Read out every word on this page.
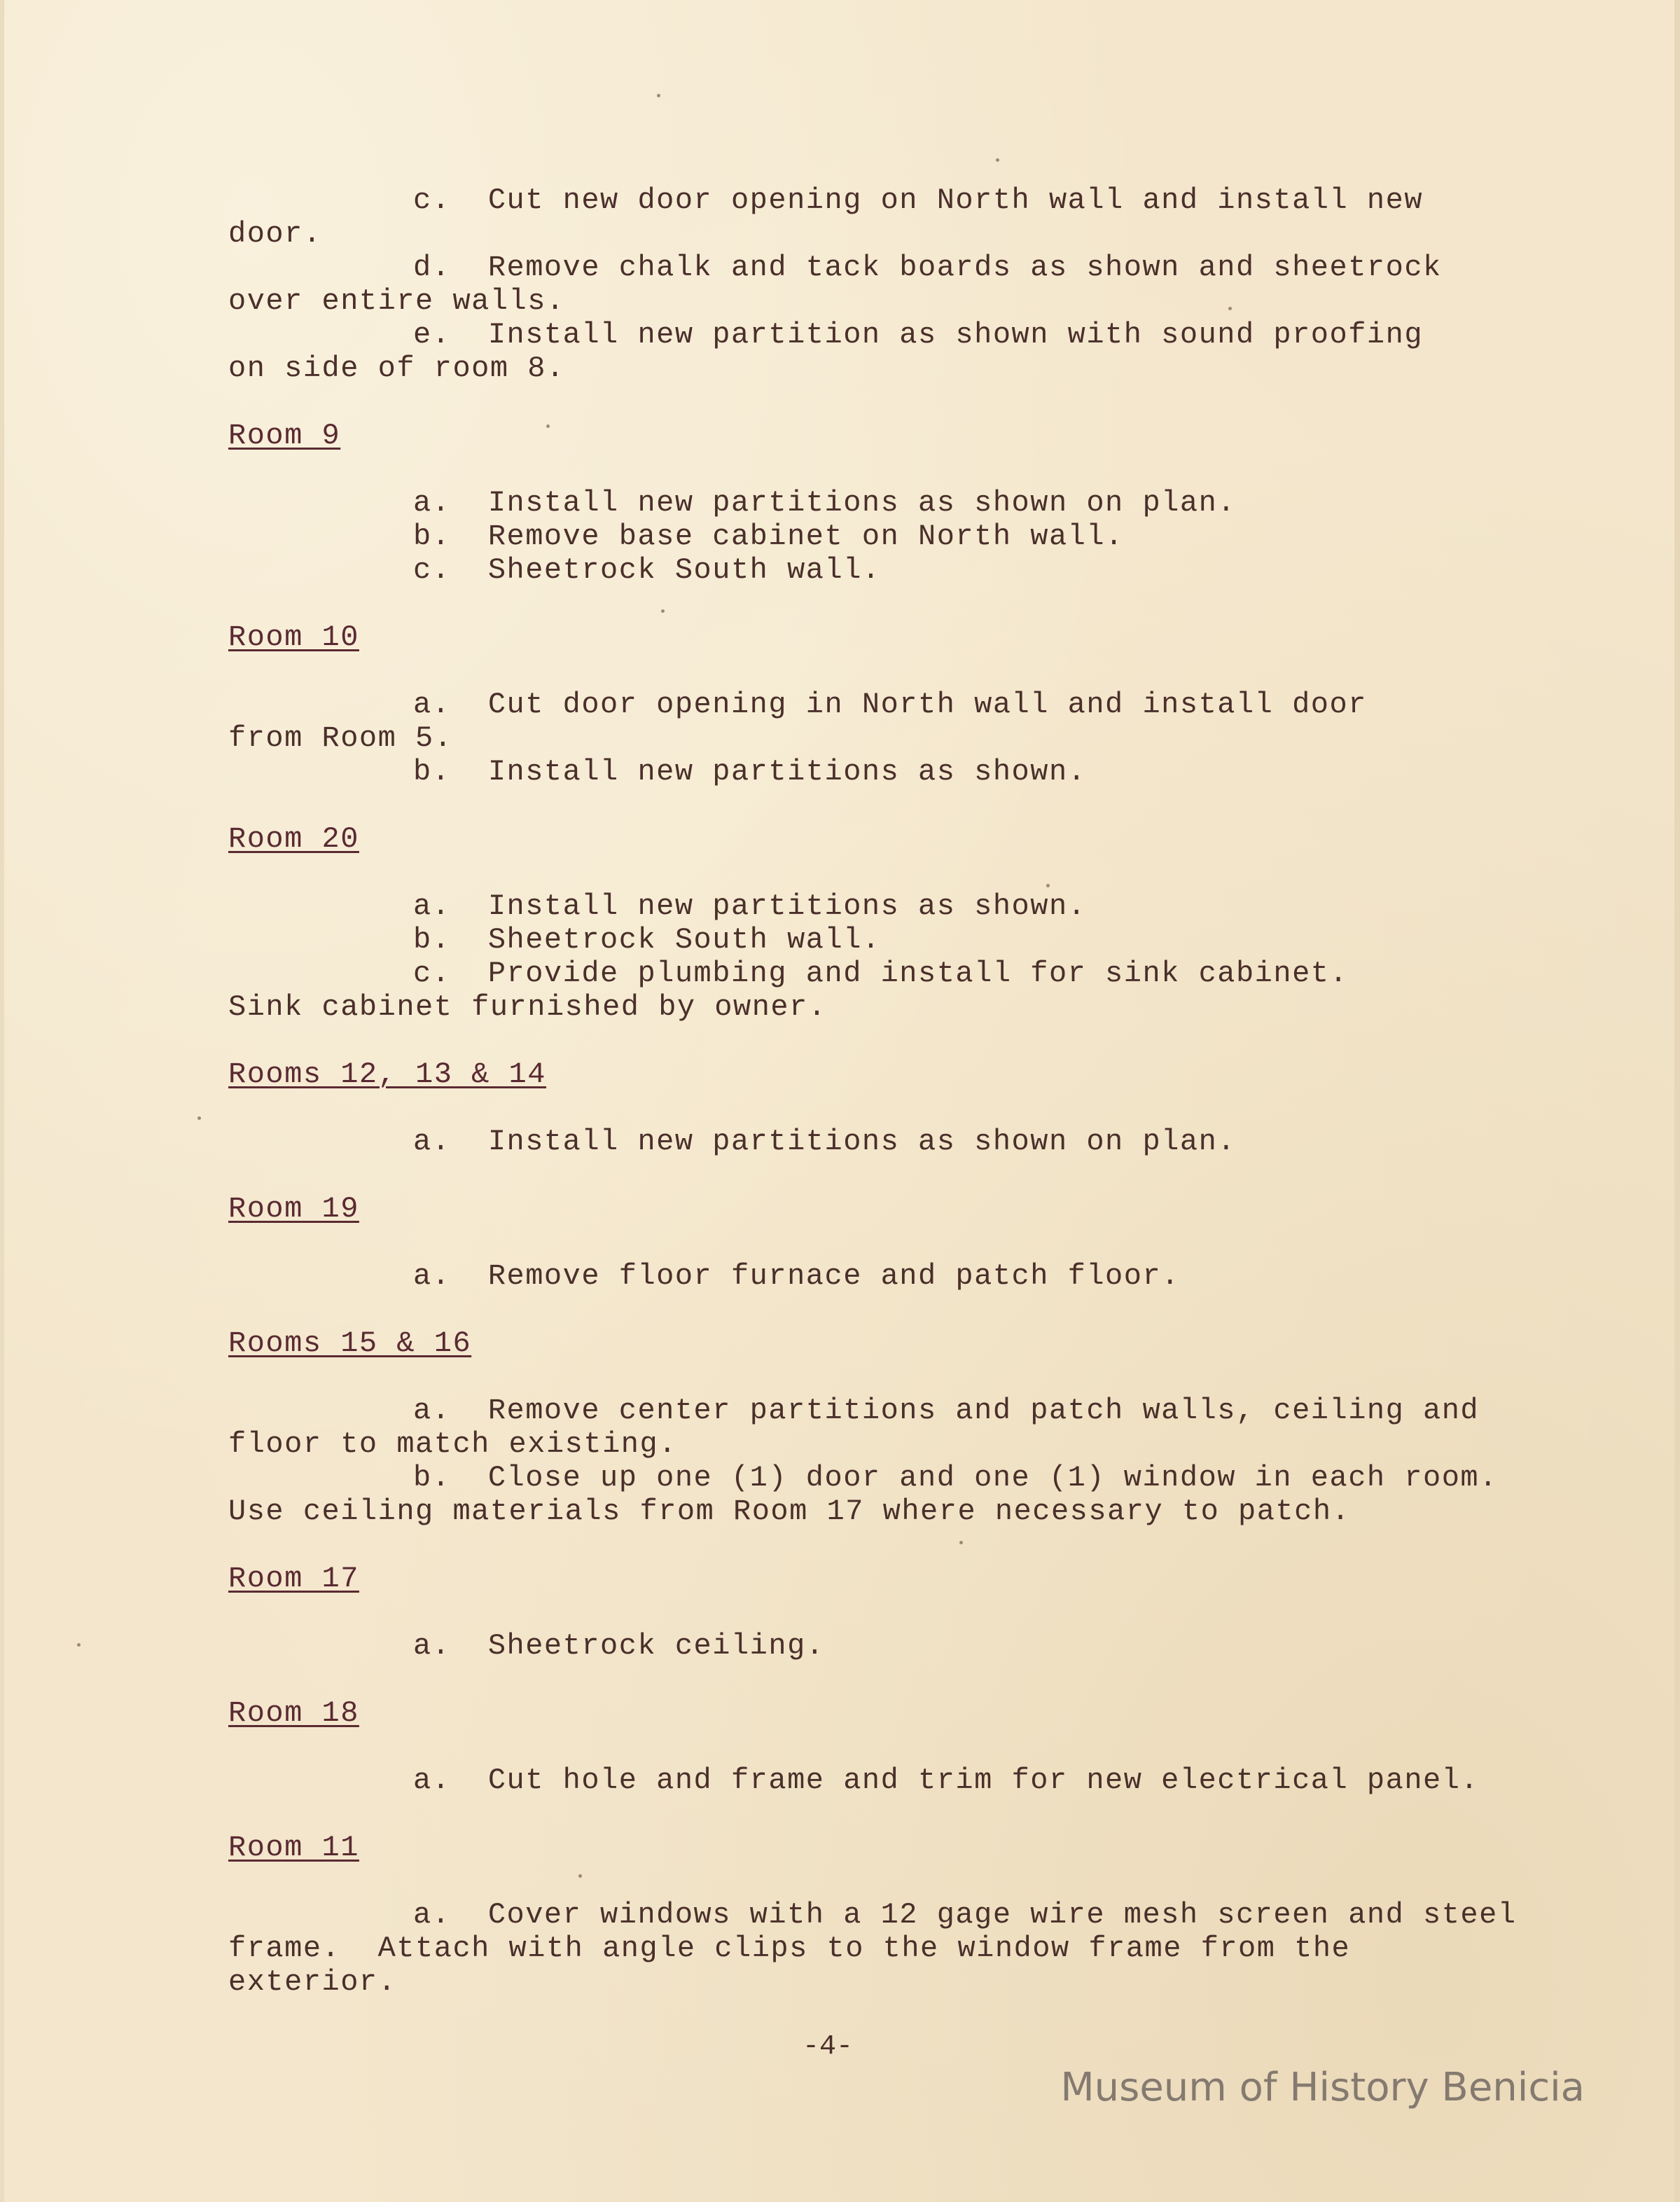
c.  Cut new door opening on North wall and install new
door.
d.  Remove chalk and tack boards as shown and sheetrock
over entire walls.
e.  Install new partition as shown with sound proofing
on side of room 8.
Room 9
a.  Install new partitions as shown on plan.
b.  Remove base cabinet on North wall.
c.  Sheetrock South wall.
Room 10
a.  Cut door opening in North wall and install door
from Room 5.
b.  Install new partitions as shown.
Room 20
a.  Install new partitions as shown.
b.  Sheetrock South wall.
c.  Provide plumbing and install for sink cabinet.
Sink cabinet furnished by owner.
Rooms 12, 13 & 14
a.  Install new partitions as shown on plan.
Room 19
a.  Remove floor furnace and patch floor.
Rooms 15 & 16
a.  Remove center partitions and patch walls, ceiling and
floor to match existing.
b.  Close up one (1) door and one (1) window in each room.
Use ceiling materials from Room 17 where necessary to patch.
Room 17
a.  Sheetrock ceiling.
Room 18
a.  Cut hole and frame and trim for new electrical panel.
Room 11
a.  Cover windows with a 12 gage wire mesh screen and steel
frame.  Attach with angle clips to the window frame from the
exterior.
-4-
Museum of History Benicia
